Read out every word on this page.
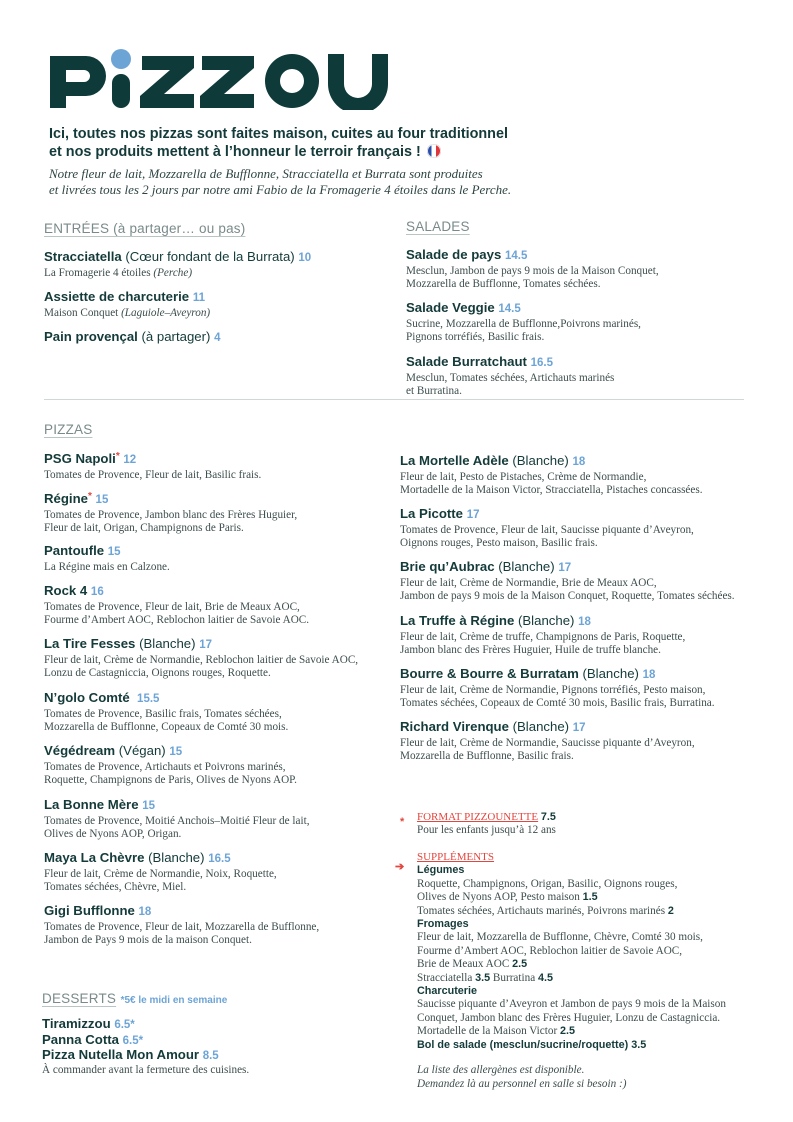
Ici, toutes nos pizzas sont faites maison, cuites au four traditionnel
et nos produits mettent à l’honneur le terroir français !
Notre fleur de lait, Mozzarella de Bufflonne, Stracciatella et Burrata sont produites
et livrées tous les 2 jours par notre ami Fabio de la Fromagerie 4 étoiles dans le Perche.
ENTRÉES (à partager… ou pas)
Stracciatella (Cœur fondant de la Burrata) 10
La Fromagerie 4 étoiles (Perche)
Assiette de charcuterie 11
Maison Conquet (Laguiole–Aveyron)
Pain provençal (à partager) 4
SALADES
Salade de pays 14.5
Mesclun, Jambon de pays 9 mois de la Maison Conquet,
Mozzarella de Bufflonne, Tomates séchées.
Salade Veggie 14.5
Sucrine, Mozzarella de Bufflonne,Poivrons marinés,
Pignons torréfiés, Basilic frais.
Salade Burratchaut 16.5
Mesclun, Tomates séchées, Artichauts marinés
et Burratina.
PIZZAS
PSG Napoli* 12
Tomates de Provence, Fleur de lait, Basilic frais.
Régine* 15
Tomates de Provence, Jambon blanc des Frères Huguier,
Fleur de lait, Origan, Champignons de Paris.
Pantoufle 15
La Régine mais en Calzone.
Rock 4 16
Tomates de Provence, Fleur de lait, Brie de Meaux AOC,
Fourme d’Ambert AOC, Reblochon laitier de Savoie AOC.
La Tire Fesses (Blanche) 17
Fleur de lait, Crème de Normandie, Reblochon laitier de Savoie AOC,
Lonzu de Castagniccia, Oignons rouges, Roquette.
N’golo Comté 15.5
Tomates de Provence, Basilic frais, Tomates séchées,
Mozzarella de Bufflonne, Copeaux de Comté 30 mois.
Végédream (Végan) 15
Tomates de Provence, Artichauts et Poivrons marinés,
Roquette, Champignons de Paris, Olives de Nyons AOP.
La Bonne Mère 15
Tomates de Provence, Moitié Anchois–Moitié Fleur de lait,
Olives de Nyons AOP, Origan.
Maya La Chèvre (Blanche) 16.5
Fleur de lait, Crème de Normandie, Noix, Roquette,
Tomates séchées, Chèvre, Miel.
Gigi Bufflonne 18
Tomates de Provence, Fleur de lait, Mozzarella de Bufflonne,
Jambon de Pays 9 mois de la maison Conquet.
La Mortelle Adèle (Blanche) 18
Fleur de lait, Pesto de Pistaches, Crème de Normandie,
Mortadelle de la Maison Victor, Stracciatella, Pistaches concassées.
La Picotte 17
Tomates de Provence, Fleur de lait, Saucisse piquante d’Aveyron,
Oignons rouges, Pesto maison, Basilic frais.
Brie qu’Aubrac (Blanche) 17
Fleur de lait, Crème de Normandie, Brie de Meaux AOC,
Jambon de pays 9 mois de la Maison Conquet, Roquette, Tomates séchées.
La Truffe à Régine (Blanche) 18
Fleur de lait, Crème de truffe, Champignons de Paris, Roquette,
Jambon blanc des Frères Huguier, Huile de truffe blanche.
Bourre & Bourre & Burratam (Blanche) 18
Fleur de lait, Crème de Normandie, Pignons torréfiés, Pesto maison,
Tomates séchées, Copeaux de Comté 30 mois, Basilic frais, Burratina.
Richard Virenque (Blanche) 17
Fleur de lait, Crème de Normandie, Saucisse piquante d’Aveyron,
Mozzarella de Bufflonne, Basilic frais.
* FORMAT PIZZOUNETTE 7.5
Pour les enfants jusqu’à 12 ans
➔
SUPPLÉMENTS
Légumes
Roquette, Champignons, Origan, Basilic, Oignons rouges,
Olives de Nyons AOP, Pesto maison 1.5
Tomates séchées, Artichauts marinés, Poivrons marinés 2
Fromages
Fleur de lait, Mozzarella de Bufflonne, Chèvre, Comté 30 mois,
Fourme d’Ambert AOC, Reblochon laitier de Savoie AOC,
Brie de Meaux AOC 2.5
Stracciatella 3.5 Burratina 4.5
Charcuterie
Saucisse piquante d’Aveyron et Jambon de pays 9 mois de la Maison
Conquet, Jambon blanc des Frères Huguier, Lonzu de Castagniccia.
Mortadelle de la Maison Victor 2.5
Bol de salade (mesclun/sucrine/roquette) 3.5
La liste des allergènes est disponible.
Demandez là au personnel en salle si besoin :)
DESSERTS *5€ le midi en semaine
Tiramizzou 6.5*
Panna Cotta 6.5*
Pizza Nutella Mon Amour 8.5
À commander avant la fermeture des cuisines.
